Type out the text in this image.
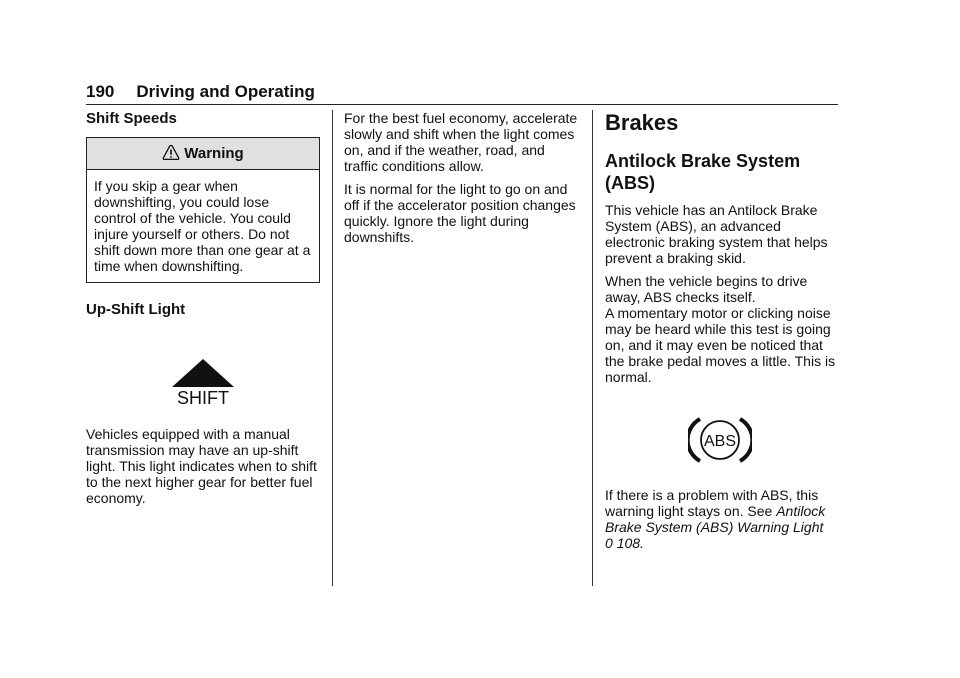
190 Driving and Operating
Shift Speeds
Warning
If you skip a gear when downshifting, you could lose control of the vehicle. You could injure yourself or others. Do not shift down more than one gear at a time when downshifting.
Up-Shift Light
SHIFT

Vehicles equipped with a manual transmission may have an up-shift light. This light indicates when to shift to the next higher gear for better fuel economy.

For the best fuel economy, accelerate slowly and shift when the light comes on, and if the weather, road, and traffic conditions allow.

It is normal for the light to go on and off if the accelerator position changes quickly. Ignore the light during downshifts.

Brakes
Antilock Brake System (ABS)

This vehicle has an Antilock Brake System (ABS), an advanced electronic braking system that helps prevent a braking skid.

When the vehicle begins to drive away, ABS checks itself.

A momentary motor or clicking noise may be heard while this test is going on, and it may even be noticed that the brake pedal moves a little. This is normal.

ABS

If there is a problem with ABS, this warning light stays on. See Antilock Brake System (ABS) Warning Light
0 108.
